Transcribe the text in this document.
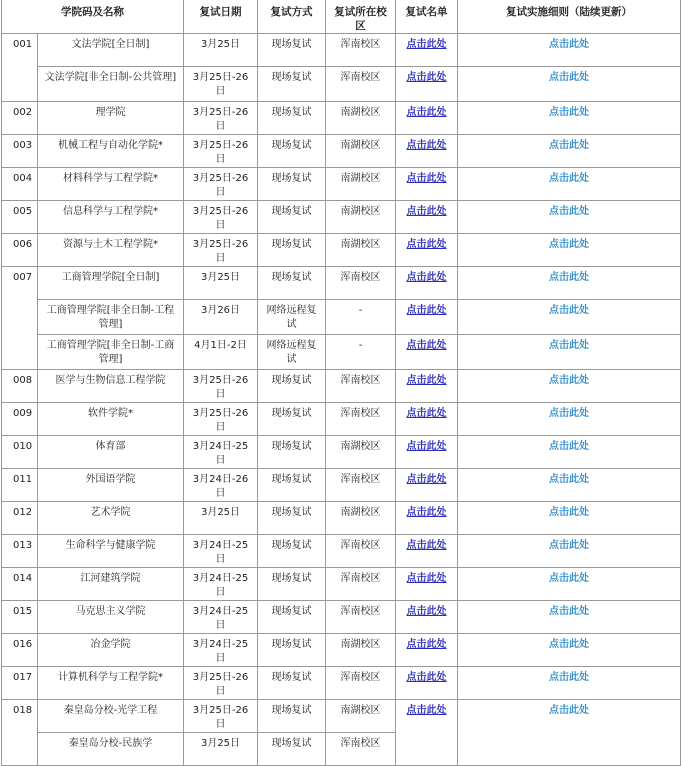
学院码及名称		复试日期	复试方式	复试所在校区	复试名单	复试实施细则（陆续更新）
001	文法学院[全日制]	3月25日	现场复试	浑南校区	点击此处	点击此处
	文法学院[非全日制-公共管理]	3月25日-26日	现场复试	浑南校区	点击此处	点击此处
002	理学院	3月25日-26日	现场复试	南湖校区	点击此处	点击此处
003	机械工程与自动化学院*	3月25日-26日	现场复试	南湖校区	点击此处	点击此处
004	材料科学与工程学院*	3月25日-26日	现场复试	南湖校区	点击此处	点击此处
005	信息科学与工程学院*	3月25日-26日	现场复试	南湖校区	点击此处	点击此处
006	资源与土木工程学院*	3月25日-26日	现场复试	南湖校区	点击此处	点击此处
007	工商管理学院[全日制]	3月25日	现场复试	浑南校区	点击此处	点击此处
	工商管理学院[非全日制-工程管理]	3月26日	网络远程复试	-	点击此处	点击此处
	工商管理学院[非全日制-工商管理]	4月1日-2日	网络远程复试	-	点击此处	点击此处
008	医学与生物信息工程学院	3月25日-26日	现场复试	浑南校区	点击此处	点击此处
009	软件学院*	3月25日-26日	现场复试	浑南校区	点击此处	点击此处
010	体育部	3月24日-25日	现场复试	南湖校区	点击此处	点击此处
011	外国语学院	3月24日-26日	现场复试	浑南校区	点击此处	点击此处
012	艺术学院	3月25日	现场复试	南湖校区	点击此处	点击此处
013	生命科学与健康学院	3月24日-25日	现场复试	浑南校区	点击此处	点击此处
014	江河建筑学院	3月24日-25日	现场复试	浑南校区	点击此处	点击此处
015	马克思主义学院	3月24日-25日	现场复试	浑南校区	点击此处	点击此处
016	冶金学院	3月24日-25日	现场复试	南湖校区	点击此处	点击此处
017	计算机科学与工程学院*	3月25日-26日	现场复试	浑南校区	点击此处	点击此处
018	秦皇岛分校-光学工程	3月25日-26日	现场复试	南湖校区	点击此处	点击此处
	秦皇岛分校-民族学	3月25日	现场复试	浑南校区		
